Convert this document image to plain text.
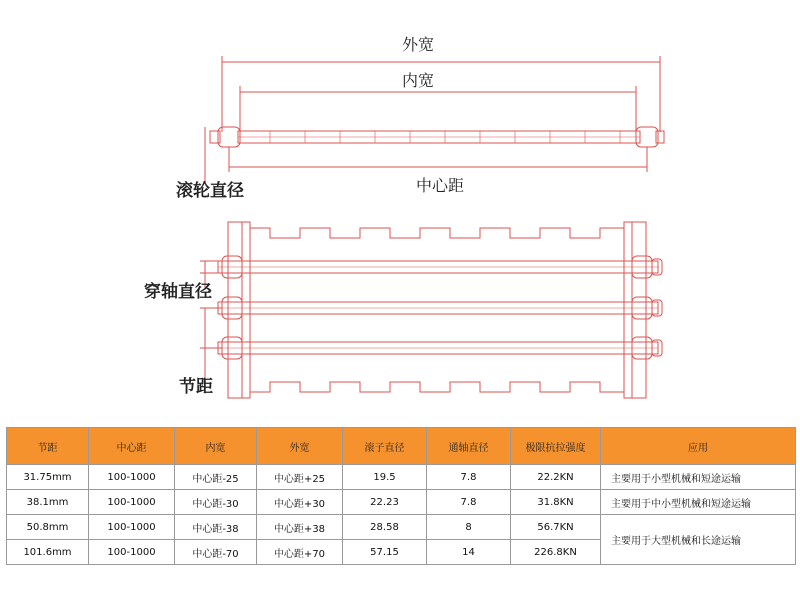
外宽
内宽
中心距
滚轮直径
穿轴直径
节距
节距	中心距	内宽	外宽	滚子直径	通轴直径	极限抗拉强度	应用
31.75mm	100-1000	中心距-25	中心距+25	19.5	7.8	22.2KN	主要用于小型机械和短途运输
38.1mm	100-1000	中心距-30	中心距+30	22.23	7.8	31.8KN	主要用于中小型机械和短途运输
50.8mm	100-1000	中心距-38	中心距+38	28.58	8	56.7KN	主要用于大型机械和长途运输
101.6mm	100-1000	中心距-70	中心距+70	57.15	14	226.8KN	
